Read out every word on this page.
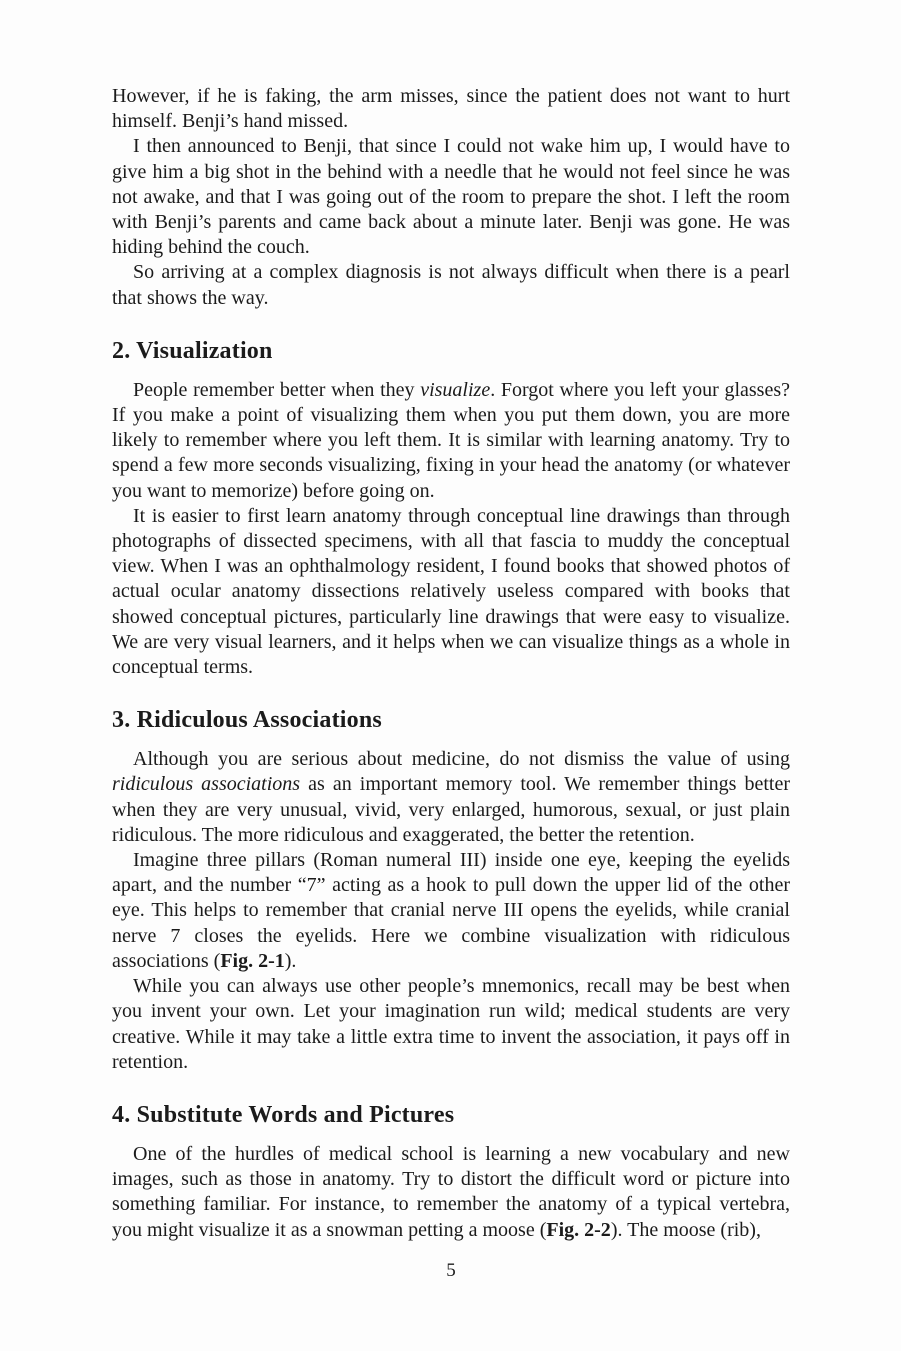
However, if he is faking, the arm misses, since the patient does not want to hurt himself. Benji’s hand missed.

I then announced to Benji, that since I could not wake him up, I would have to give him a big shot in the behind with a needle that he would not feel since he was not awake, and that I was going out of the room to prepare the shot. I left the room with Benji’s parents and came back about a minute later. Benji was gone. He was hiding behind the couch.

So arriving at a complex diagnosis is not always difficult when there is a pearl that shows the way.

2. Visualization

People remember better when they visualize. Forgot where you left your glasses? If you make a point of visualizing them when you put them down, you are more likely to remember where you left them. It is similar with learning anatomy. Try to spend a few more seconds visualizing, fixing in your head the anatomy (or whatever you want to memorize) before going on.

It is easier to first learn anatomy through conceptual line drawings than through photographs of dissected specimens, with all that fascia to muddy the conceptual view. When I was an ophthalmology resident, I found books that showed photos of actual ocular anatomy dissections relatively useless compared with books that showed conceptual pictures, particularly line drawings that were easy to visualize. We are very visual learners, and it helps when we can visualize things as a whole in conceptual terms.

3. Ridiculous Associations

Although you are serious about medicine, do not dismiss the value of using ridiculous associations as an important memory tool. We remember things better when they are very unusual, vivid, very enlarged, humorous, sexual, or just plain ridiculous. The more ridiculous and exaggerated, the better the retention.

Imagine three pillars (Roman numeral III) inside one eye, keeping the eyelids apart, and the number “7” acting as a hook to pull down the upper lid of the other eye. This helps to remember that cranial nerve III opens the eyelids, while cranial nerve 7 closes the eyelids. Here we combine visualization with ridiculous associations (Fig. 2-1).

While you can always use other people’s mnemonics, recall may be best when you invent your own. Let your imagination run wild; medical students are very creative. While it may take a little extra time to invent the association, it pays off in retention.

4. Substitute Words and Pictures

One of the hurdles of medical school is learning a new vocabulary and new images, such as those in anatomy. Try to distort the difficult word or picture into something familiar. For instance, to remember the anatomy of a typical vertebra, you might visualize it as a snowman petting a moose (Fig. 2-2). The moose (rib),

5
